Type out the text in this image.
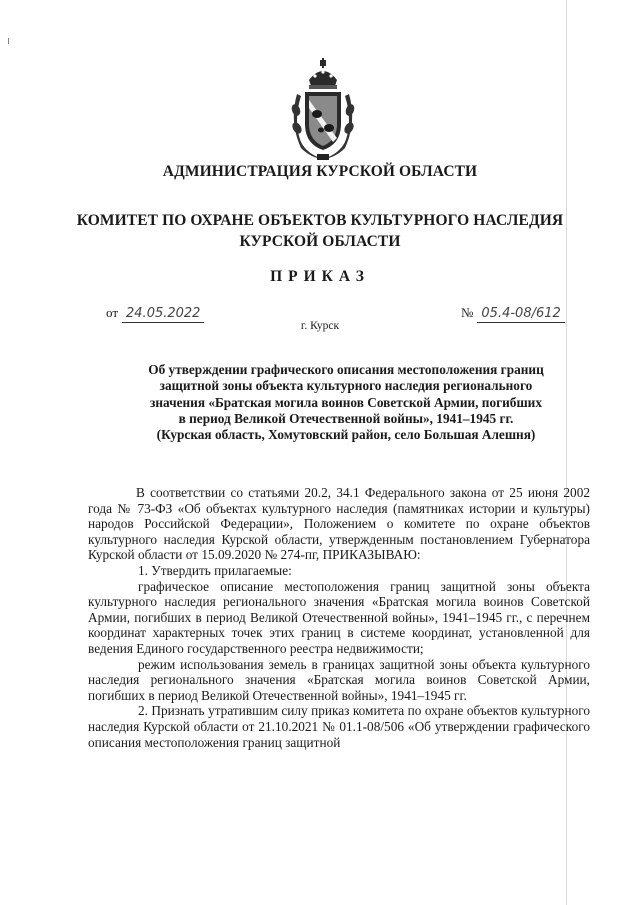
АДМИНИСТРАЦИЯ КУРСКОЙ ОБЛАСТИ
КОМИТЕТ ПО ОХРАНЕ ОБЪЕКТОВ КУЛЬТУРНОГО НАСЛЕДИЯ
КУРСКОЙ ОБЛАСТИ
ПРИКАЗ
от 24.05.2022	№ 05.4-08/612
г. Курск
Об утверждении графического описания местоположения границ
защитной зоны объекта культурного наследия регионального
значения «Братская могила воинов Советской Армии, погибших
в период Великой Отечественной войны», 1941–1945 гг.
(Курская область, Хомутовский район, село Большая Алешня)

В соответствии со статьями 20.2, 34.1 Федерального закона от 25 июня 2002 года № 73-ФЗ «Об объектах культурного наследия (памятниках истории и культуры) народов Российской Федерации», Положением о комитете по охране объектов культурного наследия Курской области, утвержденным постановлением Губернатора Курской области от 15.09.2020 № 274-пг, ПРИКАЗЫВАЮ:

1. Утвердить прилагаемые:

графическое описание местоположения границ защитной зоны объекта культурного наследия регионального значения «Братская могила воинов Советской Армии, погибших в период Великой Отечественной войны», 1941–1945 гг., с перечнем координат характерных точек этих границ в системе координат, установленной для ведения Единого государственного реестра недвижимости;

режим использования земель в границах защитной зоны объекта культурного наследия регионального значения «Братская могила воинов Советской Армии, погибших в период Великой Отечественной войны», 1941–1945 гг.

2. Признать утратившим силу приказ комитета по охране объектов культурного наследия Курской области от 21.10.2021 № 01.1-08/506 «Об утверждении графического описания местоположения границ защитной
